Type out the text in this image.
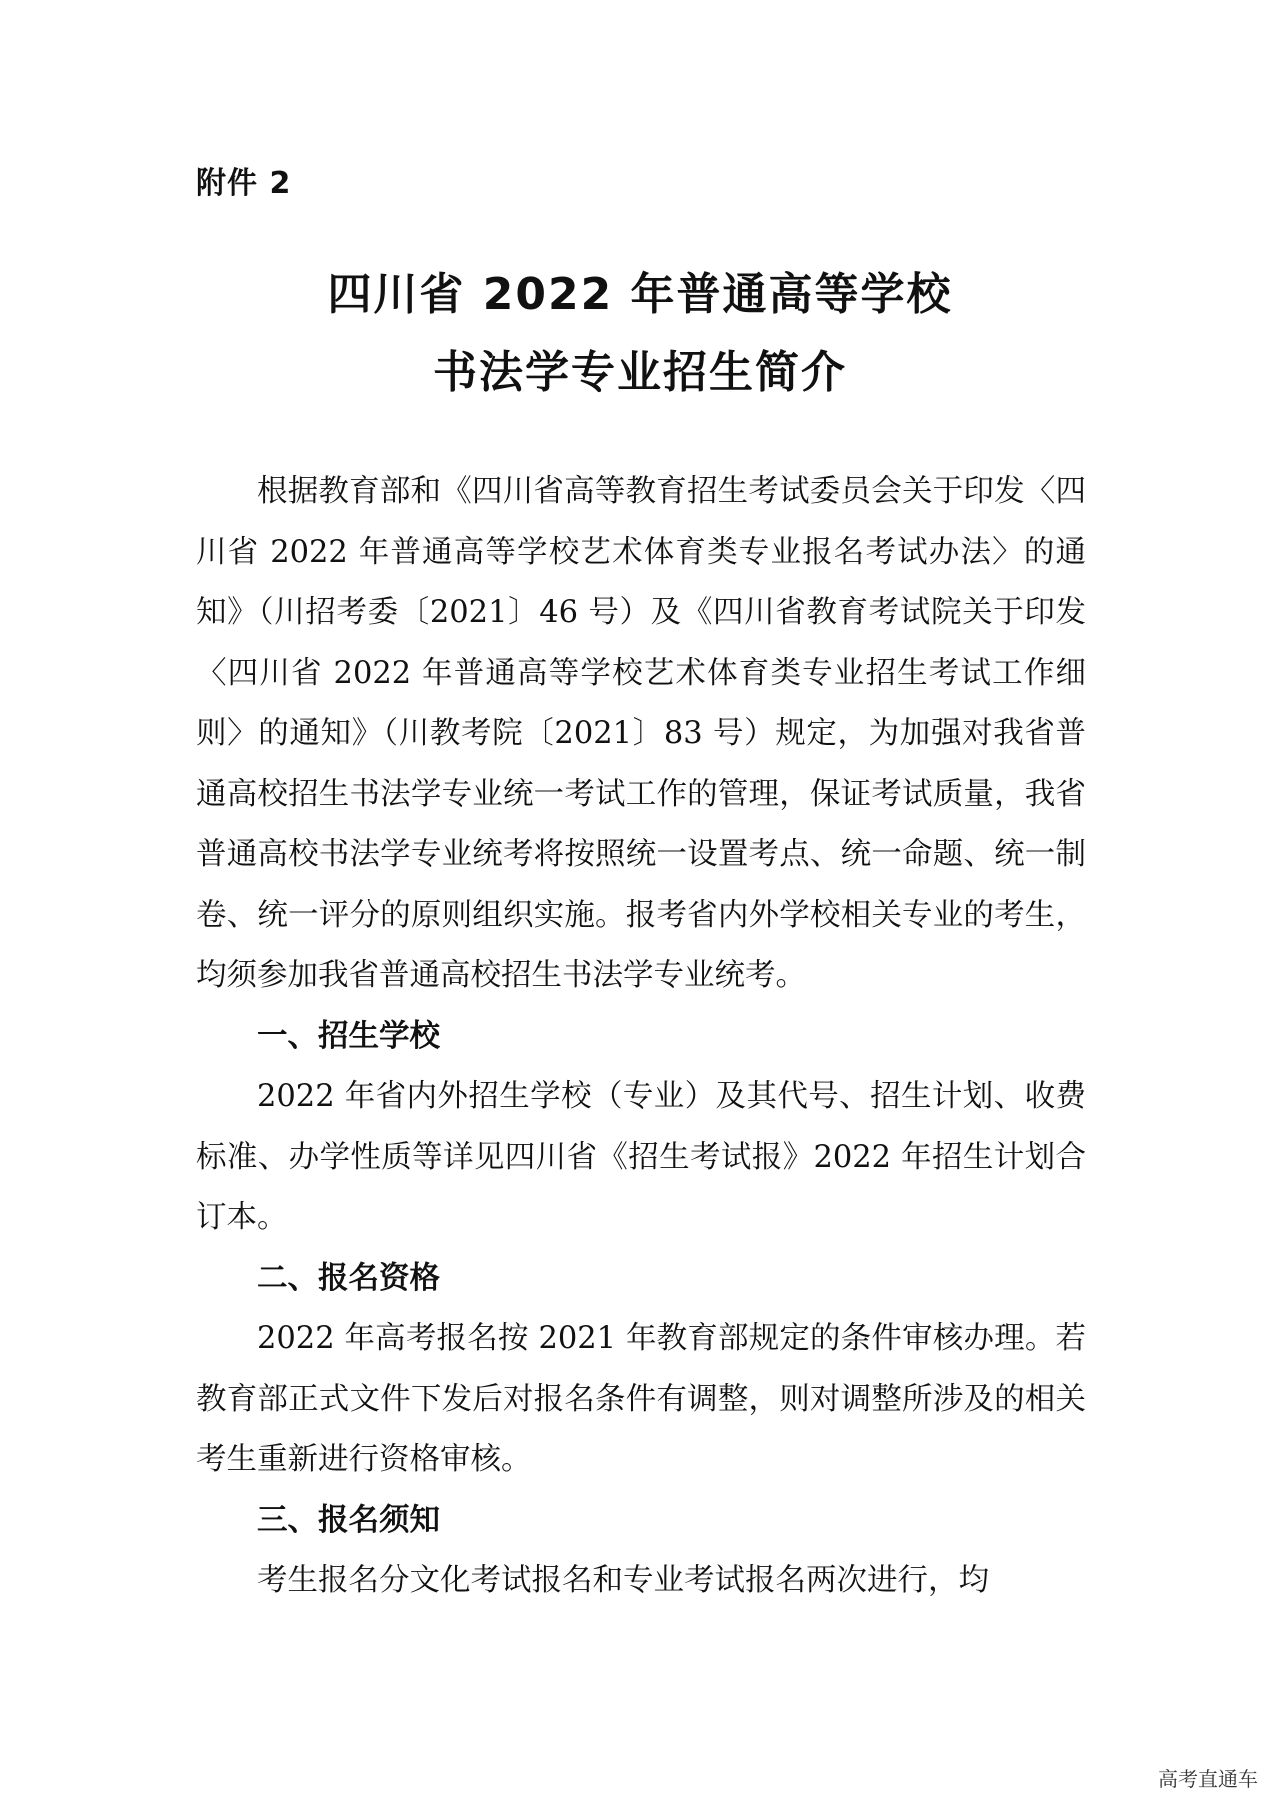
附件 2
四川省 2022 年普通高等学校
书法学专业招生简介

根据教育部和《四川省高等教育招生考试委员会关于印发〈四川省 2022 年普通高等学校艺术体育类专业报名考试办法〉的通知》（川招考委〔2021〕46 号）及《四川省教育考试院关于印发〈四川省 2022 年普通高等学校艺术体育类专业招生考试工作细则〉的通知》（川教考院〔2021〕83 号）规定，为加强对我省普通高校招生书法学专业统一考试工作的管理，保证考试质量，我省普通高校书法学专业统考将按照统一设置考点、统一命题、统一制卷、统一评分的原则组织实施。报考省内外学校相关专业的考生，均须参加我省普通高校招生书法学专业统考。

一、招生学校

2022 年省内外招生学校（专业）及其代号、招生计划、收费标准、办学性质等详见四川省《招生考试报》2022 年招生计划合订本。

二、报名资格

2022 年高考报名按 2021 年教育部规定的条件审核办理。若教育部正式文件下发后对报名条件有调整，则对调整所涉及的相关考生重新进行资格审核。

三、报名须知

考生报名分文化考试报名和专业考试报名两次进行，均

高考直通车
